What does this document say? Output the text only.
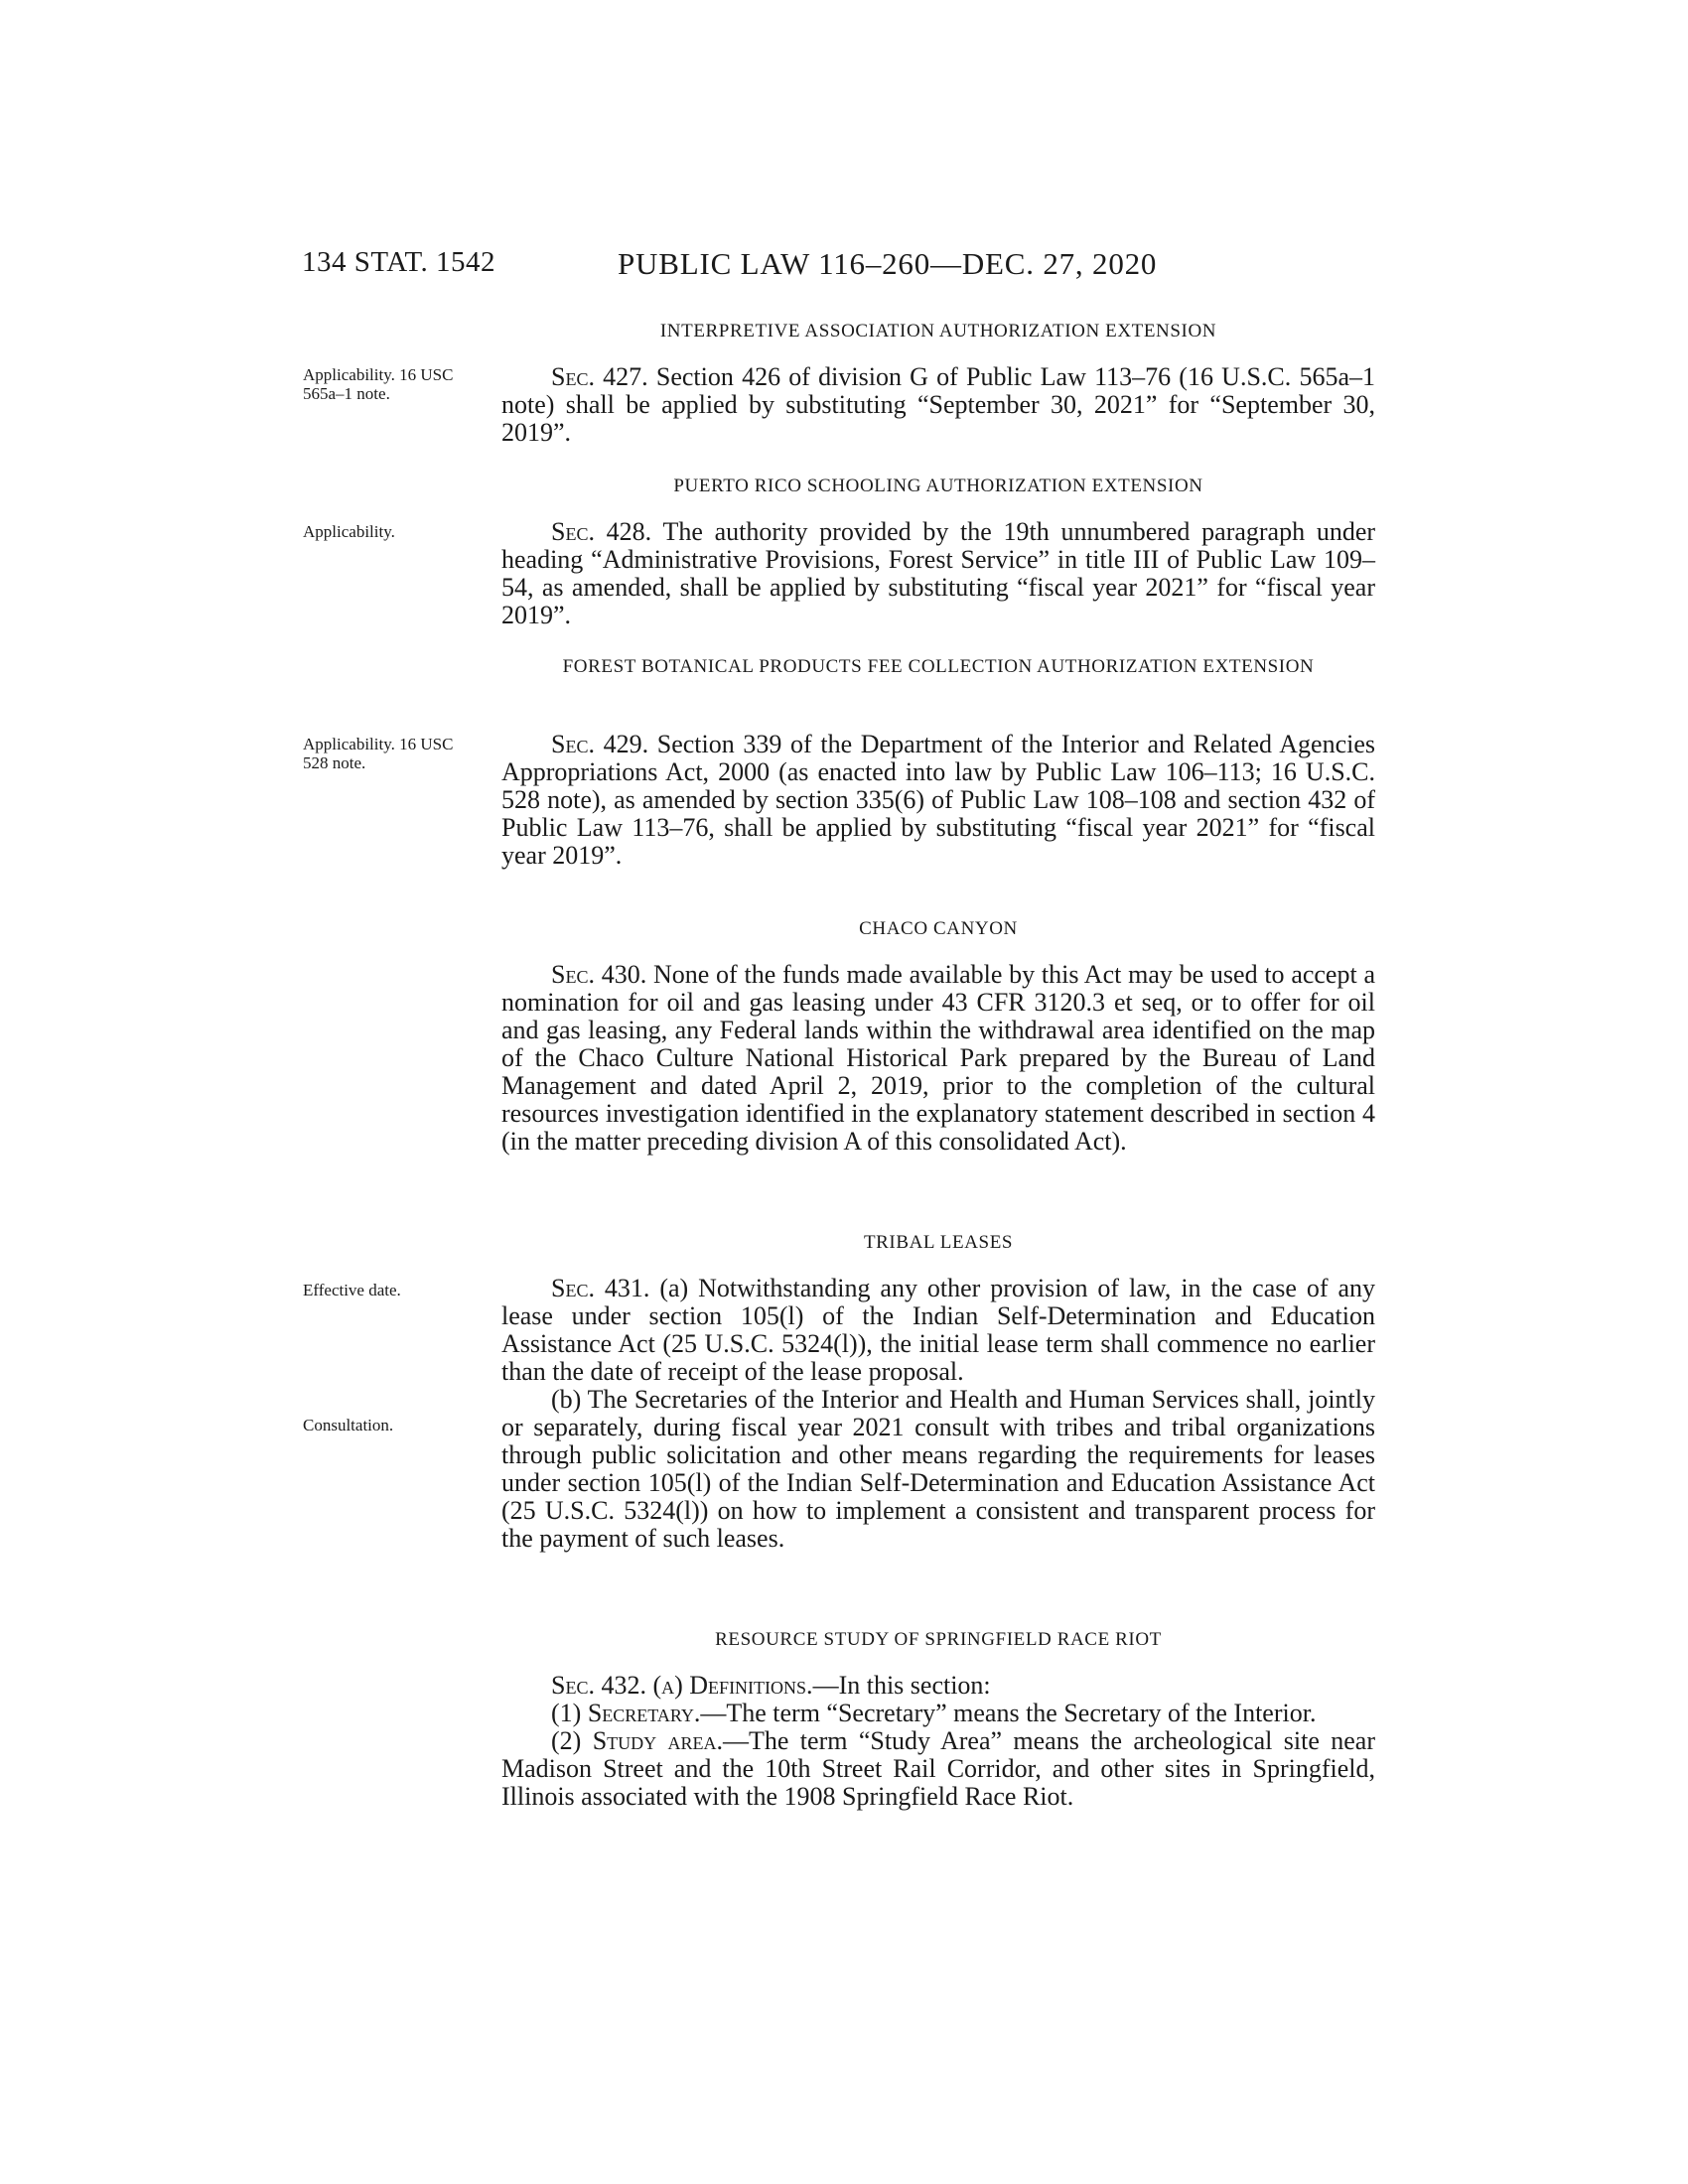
134 STAT. 1542	PUBLIC LAW 116–260—DEC. 27, 2020
INTERPRETIVE ASSOCIATION AUTHORIZATION EXTENSION
Applicability. 16 USC 565a–1 note.

Sec. 427. Section 426 of division G of Public Law 113–76 (16 U.S.C. 565a–1 note) shall be applied by substituting “September 30, 2021” for “September 30, 2019”.

PUERTO RICO SCHOOLING AUTHORIZATION EXTENSION
Applicability.	Sec. 428. The authority provided by the 19th unnumbered paragraph under heading “Administrative Provisions, Forest Service” in title III of Public Law 109–54, as amended, shall be applied by substituting “fiscal year 2021” for “fiscal year 2019”.

FOREST BOTANICAL PRODUCTS FEE COLLECTION AUTHORIZATION EXTENSION
Applicability. 16 USC 528 note.

Sec. 429. Section 339 of the Department of the Interior and Related Agencies Appropriations Act, 2000 (as enacted into law by Public Law 106–113; 16 U.S.C. 528 note), as amended by section 335(6) of Public Law 108–108 and section 432 of Public Law 113–76, shall be applied by substituting “fiscal year 2021” for “fiscal year 2019”.

CHACO CANYON

Sec. 430. None of the funds made available by this Act may be used to accept a nomination for oil and gas leasing under 43 CFR 3120.3 et seq, or to offer for oil and gas leasing, any Federal lands within the withdrawal area identified on the map of the Chaco Culture National Historical Park prepared by the Bureau of Land Management and dated April 2, 2019, prior to the completion of the cultural resources investigation identified in the explanatory statement described in section 4 (in the matter preceding division A of this consolidated Act).

TRIBAL LEASES
Effective date.
Consultation.

Sec. 431. (a) Notwithstanding any other provision of law, in the case of any lease under section 105(l) of the Indian Self-Determination and Education Assistance Act (25 U.S.C. 5324(l)), the initial lease term shall commence no earlier than the date of receipt of the lease proposal.

(b) The Secretaries of the Interior and Health and Human Services shall, jointly or separately, during fiscal year 2021 consult with tribes and tribal organizations through public solicitation and other means regarding the requirements for leases under section 105(l) of the Indian Self-Determination and Education Assistance Act (25 U.S.C. 5324(l)) on how to implement a consistent and transparent process for the payment of such leases.

RESOURCE STUDY OF SPRINGFIELD RACE RIOT

Sec. 432. (a) Definitions.—In this section:

(1) Secretary.—The term “Secretary” means the Secretary of the Interior.

(2) Study area.—The term “Study Area” means the archeological site near Madison Street and the 10th Street Rail Corridor, and other sites in Springfield, Illinois associated with the 1908 Springfield Race Riot.
